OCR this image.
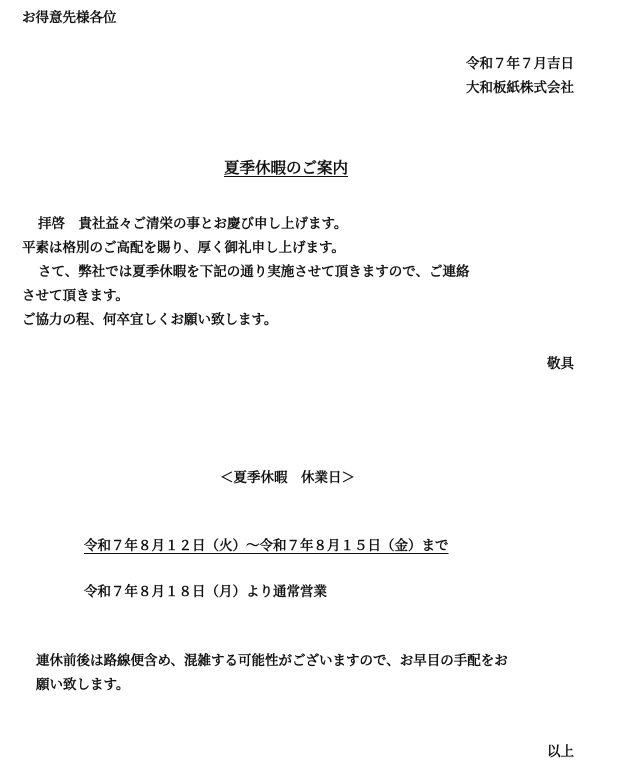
お得意先様各位
令和７年７月吉日
大和板紙株式会社
夏季休暇のご案内
拝啓　貴社益々ご清栄の事とお慶び申し上げます。
平素は格別のご高配を賜り、厚く御礼申し上げます。
さて、弊社では夏季休暇を下記の通り実施させて頂きますので、ご連絡
させて頂きます。
ご協力の程、何卒宜しくお願い致します。
敬具
＜夏季休暇　休業日＞
令和７年８月１２日（火）～令和７年８月１５日（金）まで
令和７年８月１８日（月）より通常営業
連休前後は路線便含め、混雑する可能性がございますので、お早目の手配をお
願い致します。
以上
